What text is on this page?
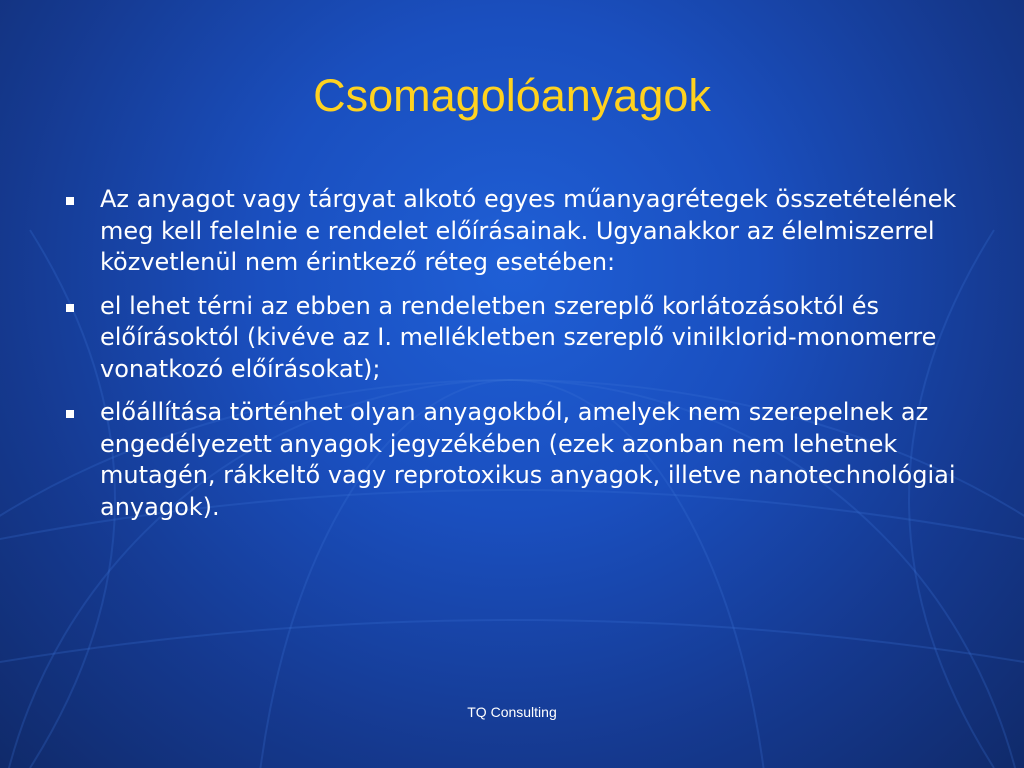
Csomagolóanyagok
Az anyagot vagy tárgyat alkotó egyes műanyagrétegek összetételének meg kell felelnie e rendelet előírásainak. Ugyanakkor az élelmiszerrel közvetlenül nem érintkező réteg esetében:
el lehet térni az ebben a rendeletben szereplő korlátozásoktól és előírásoktól (kivéve az I. mellékletben szereplő vinilklorid-monomerre vonatkozó előírásokat);
előállítása történhet olyan anyagokból, amelyek nem szerepelnek az engedélyezett anyagok jegyzékében (ezek azonban nem lehetnek mutagén, rákkeltő vagy reprotoxikus anyagok, illetve nanotechnológiai anyagok).
TQ Consulting
